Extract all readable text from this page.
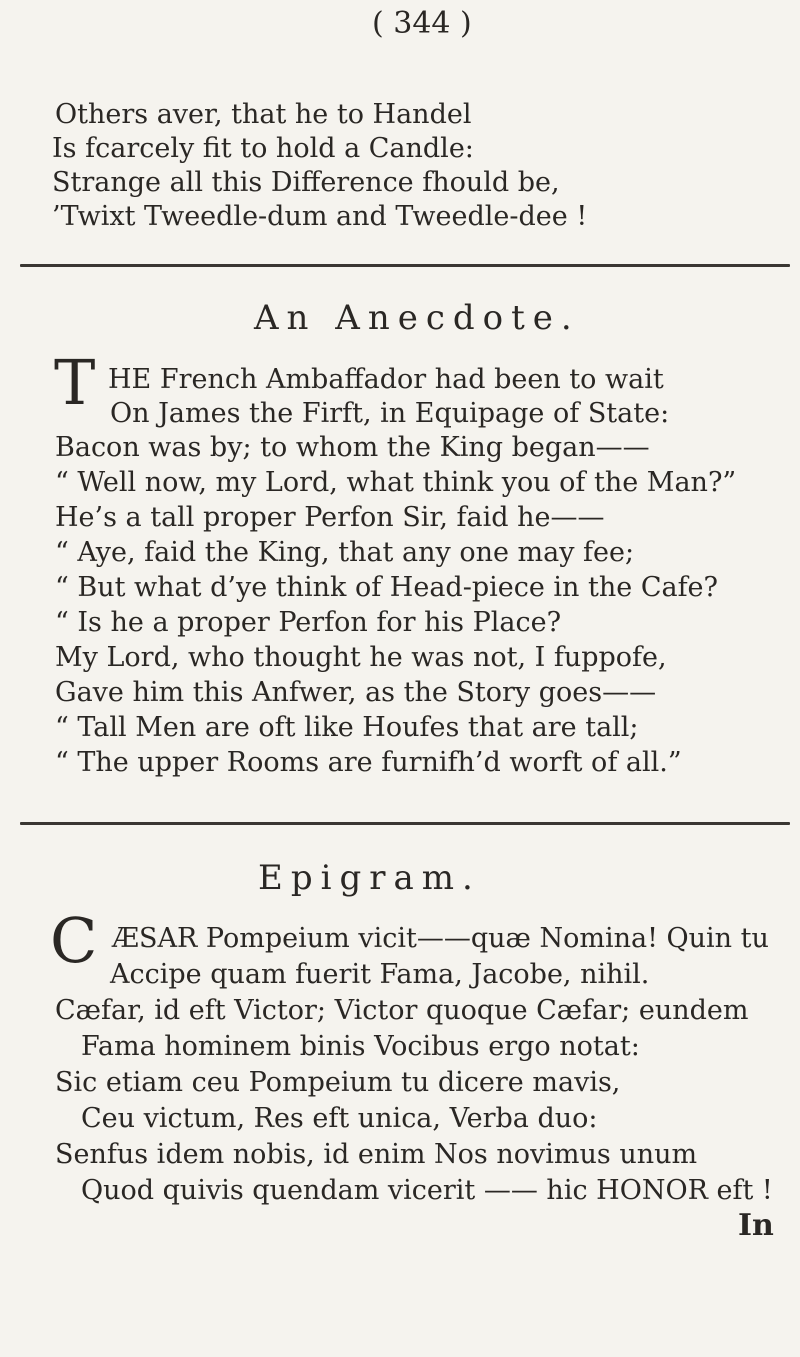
( 344 )
Others aver, that he to Handel
Is fcarcely fit to hold a Candle:
Strange all this Difference fhould be,
’Twixt Tweedle-dum and Tweedle-dee !
An Anecdote.
T HE French Ambaffador had been to wait
On James the Firft, in Equipage of State:
Bacon was by; to whom the King began——
“ Well now, my Lord, what think you of the Man?”
He’s a tall proper Perfon Sir, faid he——
“ Aye, faid the King, that any one may fee;
“ But what d’ye think of Head-piece in the Cafe?
“ Is he a proper Perfon for his Place?
My Lord, who thought he was not, I fuppofe,
Gave him this Anfwer, as the Story goes——
“ Tall Men are oft like Houfes that are tall;
“ The upper Rooms are furnifh’d worft of all.”
Epigram.
C ÆSAR Pompeium vicit——quæ Nomina! Quin tu
Accipe quam fuerit Fama, Jacobe, nihil.
Cæfar, id eft Victor; Victor quoque Cæfar; eundem
Fama hominem binis Vocibus ergo notat:
Sic etiam ceu Pompeium tu dicere mavis,
Ceu victum, Res eft unica, Verba duo:
Senfus idem nobis, id enim Nos novimus unum
Quod quivis quendam vicerit —— hic HONOR eft !
In
